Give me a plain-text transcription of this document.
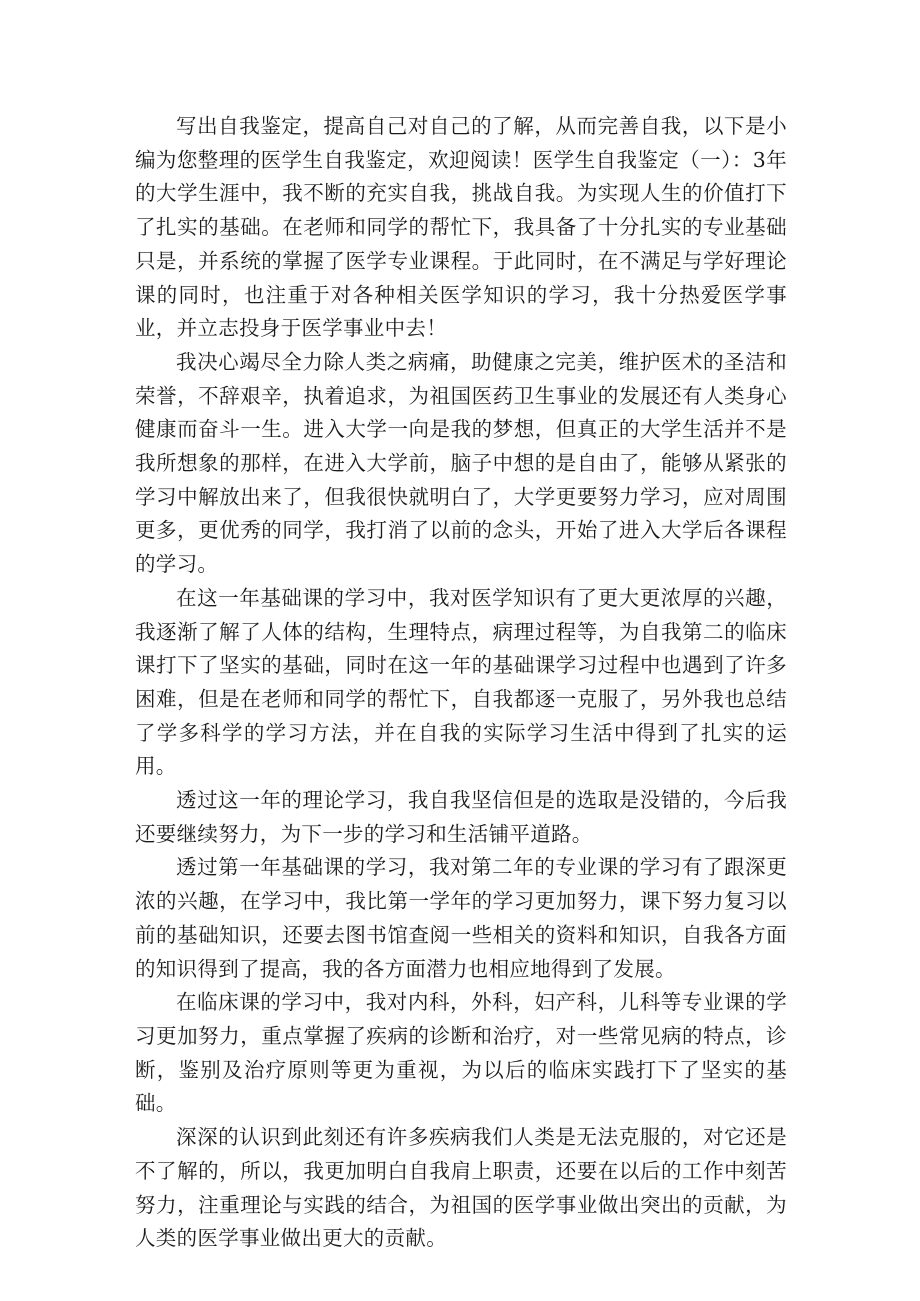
写出自我鉴定，提高自己对自己的了解，从而完善自我，以下是小编为您整理的医学生自我鉴定，欢迎阅读！医学生自我鉴定（一）：3年的大学生涯中，我不断的充实自我，挑战自我。为实现人生的价值打下了扎实的基础。在老师和同学的帮忙下，我具备了十分扎实的专业基础只是，并系统的掌握了医学专业课程。于此同时，在不满足与学好理论课的同时，也注重于对各种相关医学知识的学习，我十分热爱医学事业，并立志投身于医学事业中去！

我决心竭尽全力除人类之病痛，助健康之完美，维护医术的圣洁和荣誉，不辞艰辛，执着追求，为祖国医药卫生事业的发展还有人类身心健康而奋斗一生。进入大学一向是我的梦想，但真正的大学生活并不是我所想象的那样，在进入大学前，脑子中想的是自由了，能够从紧张的学习中解放出来了，但我很快就明白了，大学更要努力学习，应对周围更多，更优秀的同学，我打消了以前的念头，开始了进入大学后各课程的学习。

在这一年基础课的学习中，我对医学知识有了更大更浓厚的兴趣，我逐渐了解了人体的结构，生理特点，病理过程等，为自我第二的临床课打下了坚实的基础，同时在这一年的基础课学习过程中也遇到了许多困难，但是在老师和同学的帮忙下，自我都逐一克服了，另外我也总结了学多科学的学习方法，并在自我的实际学习生活中得到了扎实的运用。

透过这一年的理论学习，我自我坚信但是的选取是没错的，今后我还要继续努力，为下一步的学习和生活铺平道路。

透过第一年基础课的学习，我对第二年的专业课的学习有了跟深更浓的兴趣，在学习中，我比第一学年的学习更加努力，课下努力复习以前的基础知识，还要去图书馆查阅一些相关的资料和知识，自我各方面的知识得到了提高，我的各方面潜力也相应地得到了发展。

在临床课的学习中，我对内科，外科，妇产科，儿科等专业课的学习更加努力，重点掌握了疾病的诊断和治疗，对一些常见病的特点，诊断，鉴别及治疗原则等更为重视，为以后的临床实践打下了坚实的基础。

深深的认识到此刻还有许多疾病我们人类是无法克服的，对它还是不了解的，所以，我更加明白自我肩上职责，还要在以后的工作中刻苦努力，注重理论与实践的结合，为祖国的医学事业做出突出的贡献，为人类的医学事业做出更大的贡献。
